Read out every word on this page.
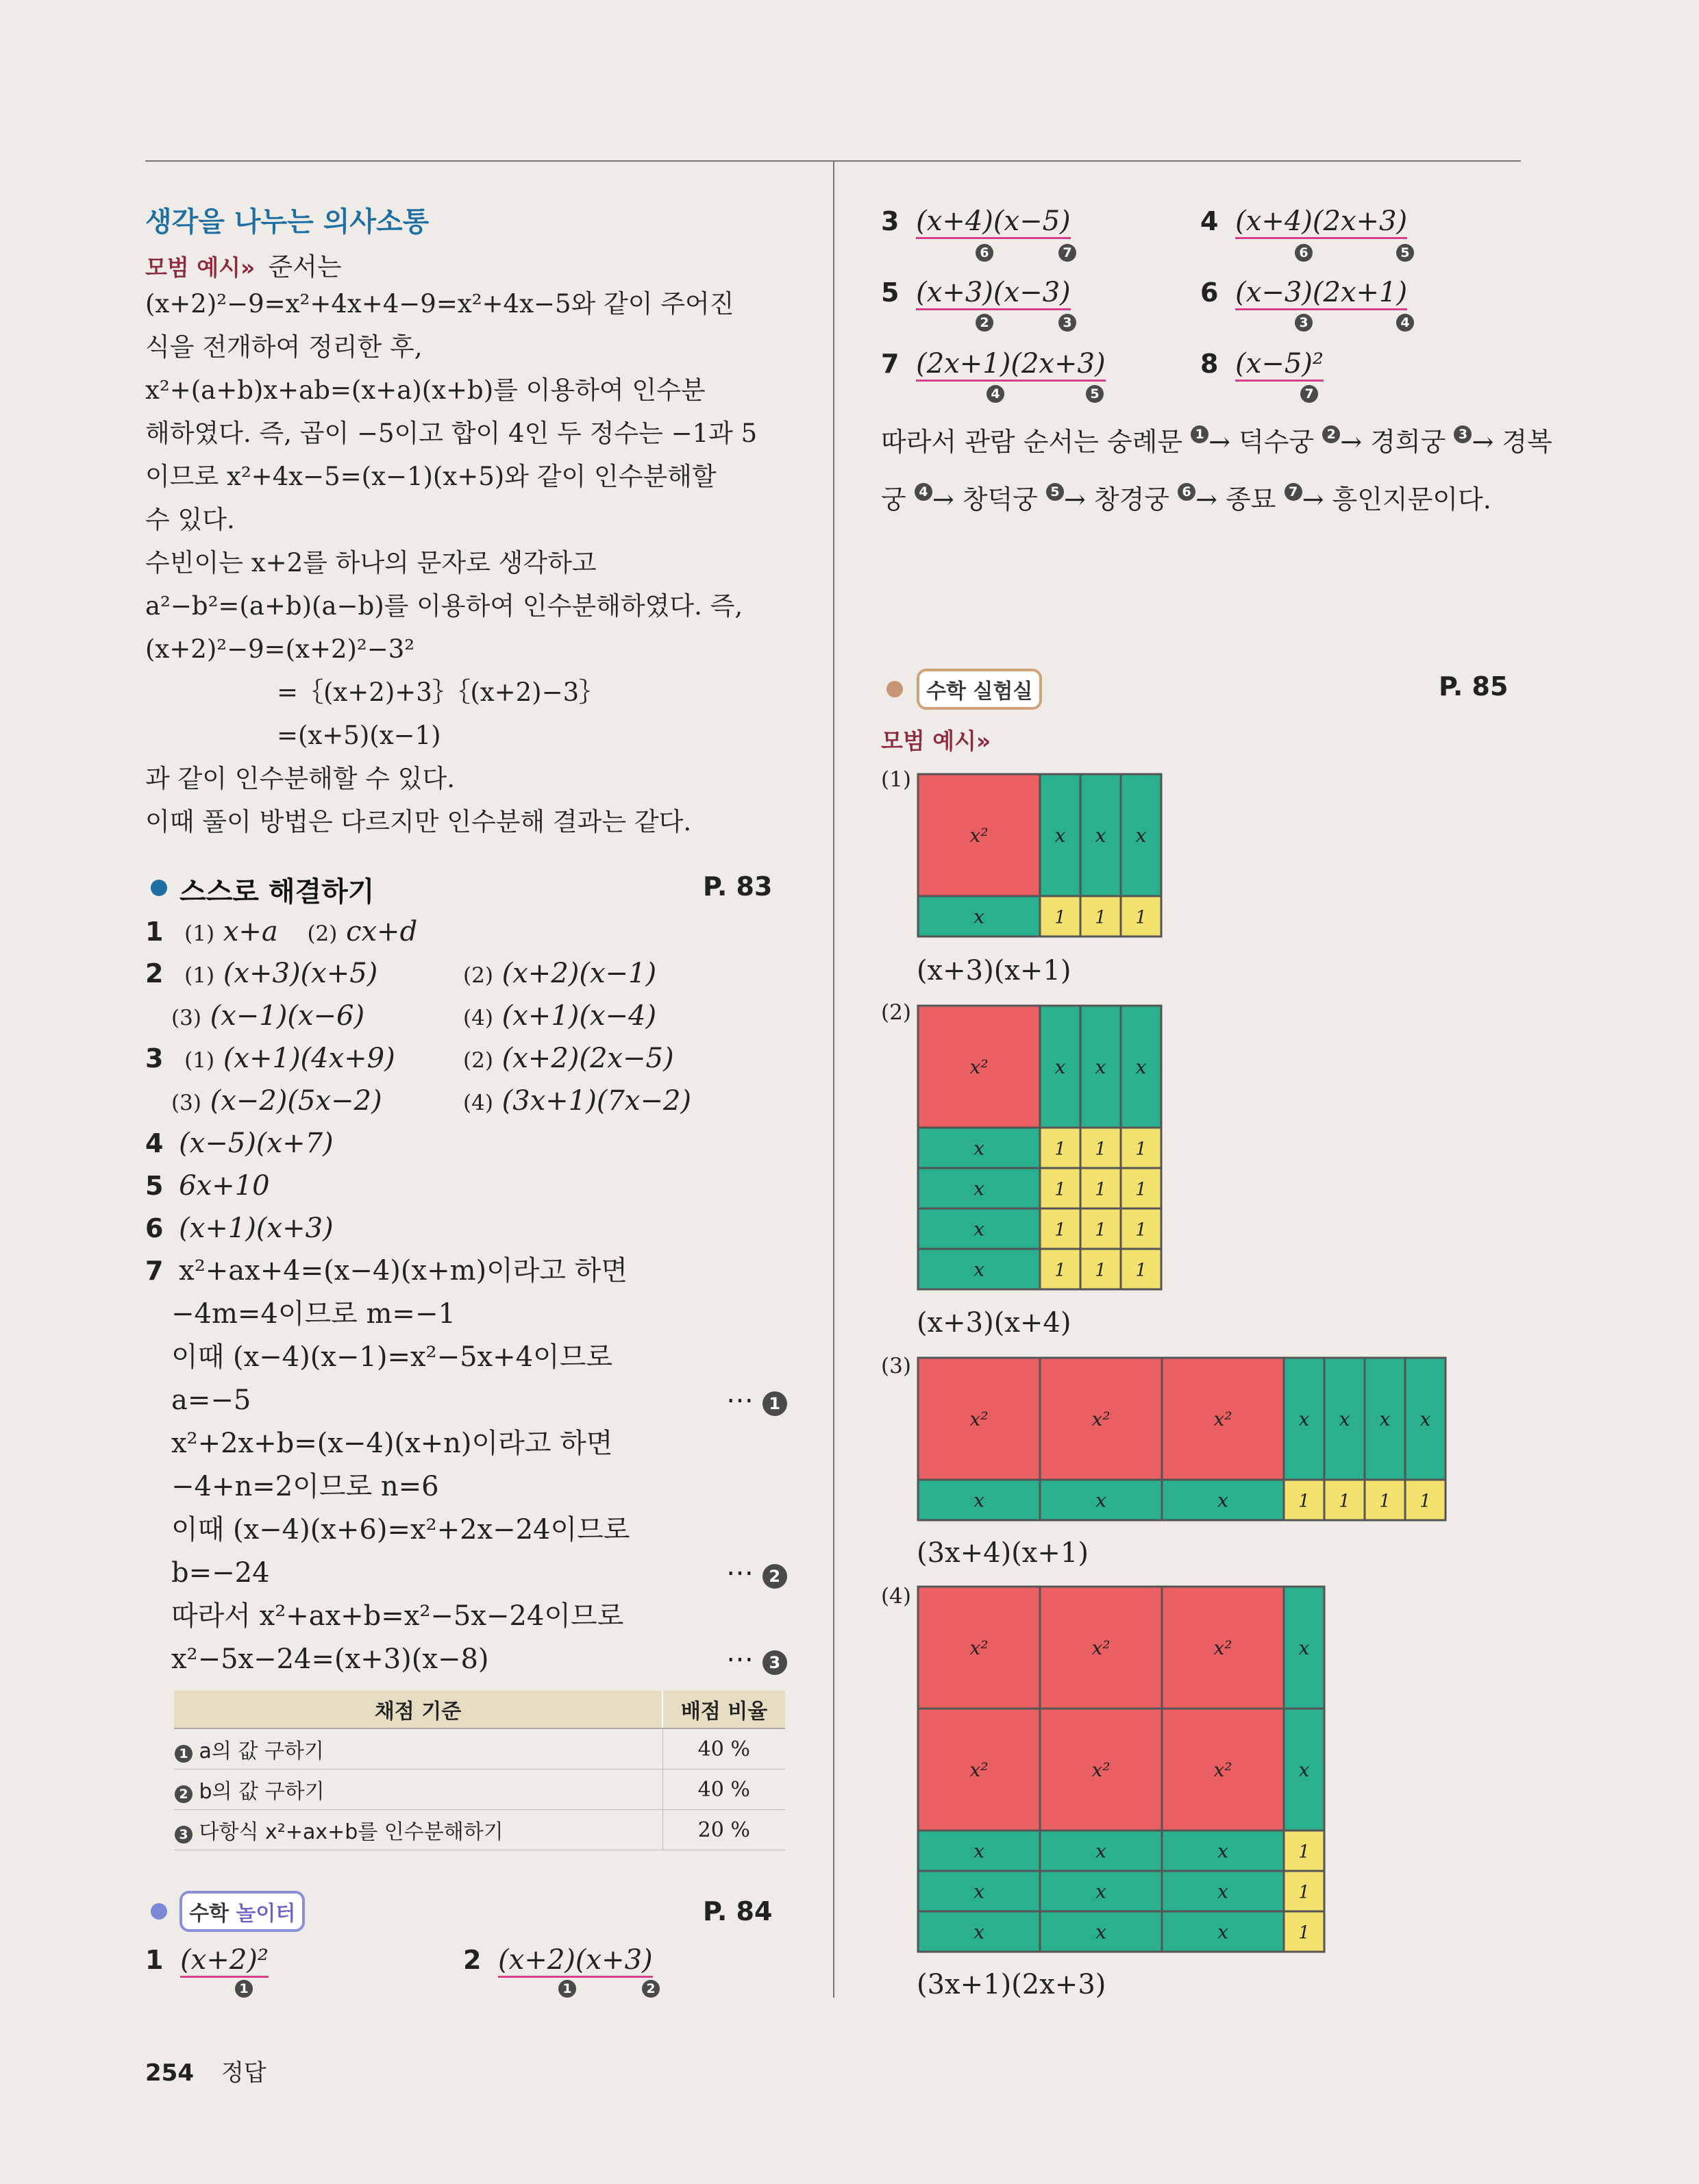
생각을 나누는 의사소통
모범 예시» 준서는
(x+2)²−9=x²+4x+4−9=x²+4x−5와 같이 주어진
식을 전개하여 정리한 후,
x²+(a+b)x+ab=(x+a)(x+b)를 이용하여 인수분
해하였다. 즉, 곱이 −5이고 합이 4인 두 정수는 −1과 5
이므로 x²+4x−5=(x−1)(x+5)와 같이 인수분해할
수 있다.
수빈이는 x+2를 하나의 문자로 생각하고
a²−b²=(a+b)(a−b)를 이용하여 인수분해하였다. 즉,
(x+2)²−9=(x+2)²−3²
=｛(x+2)+3｝｛(x+2)−3｝
=(x+5)(x−1)
과 같이 인수분해할 수 있다.
이때 풀이 방법은 다르지만 인수분해 결과는 같다.
스스로 해결하기	P. 83
1 (1) x+a (2) cx+d
2 (1) (x+3)(x+5)	(2) (x+2)(x−1)
(3) (x−1)(x−6)	(4) (x+1)(x−4)
3 (1) (x+1)(4x+9)	(2) (x+2)(2x−5)
(3) (x−2)(5x−2)	(4) (3x+1)(7x−2)
4 (x−5)(x+7)
5 6x+10
6 (x+1)(x+3)
7 x²+ax+4=(x−4)(x+m)이라고 하면
−4m=4이므로 m=−1
이때 (x−4)(x−1)=x²−5x+4이므로
a=−5
x²+2x+b=(x−4)(x+n)이라고 하면
−4+n=2이므로 n=6
이때 (x−4)(x+6)=x²+2x−24이므로
b=−24
따라서 x²+ax+b=x²−5x−24이므로
x²−5x−24=(x+3)(x−8)
⋯ 1
⋯ 2
⋯ 3
채점 기준	배점 비율
1 a의 값 구하기	40 %
2 b의 값 구하기	40 %
3 다항식 x²+ax+b를 인수분해하기	20 %
수학 놀이터	P. 84
1 (x+2)²
1
2 (x+2)(x+3)
1	2
3 (x+4)(x−5)
6	7
4 (x+4)(2x+3)
6	5
5 (x+3)(x−3)
2	3
6 (x−3)(2x+1)
3	4
7 (2x+1)(2x+3)
4	5
8 (x−5)²
7
따라서 관람 순서는 숭례문 1 → 덕수궁 2 → 경희궁 3 → 경복
궁 4 → 창덕궁 5 → 창경궁 6 → 종묘 7 → 흥인지문이다.
수학 실험실	P. 85
모범 예시»
(1)
(2)
(3)
(4)
x²	x x x
x	1 1 1
x²	x x x
x	1 1 1
x	1 1 1
x	1 1 1
x	1 1 1
x²	x²	x²	x x x x
x	x	x	1 1 1 1
x²	x²	x²	x
x²	x²	x²	x
x	x	x	1
x	x	x	1
x	x	x	1
(x+3)(x+1)
(x+3)(x+4)
(3x+4)(x+1)
(3x+1)(2x+3)
254 정답
